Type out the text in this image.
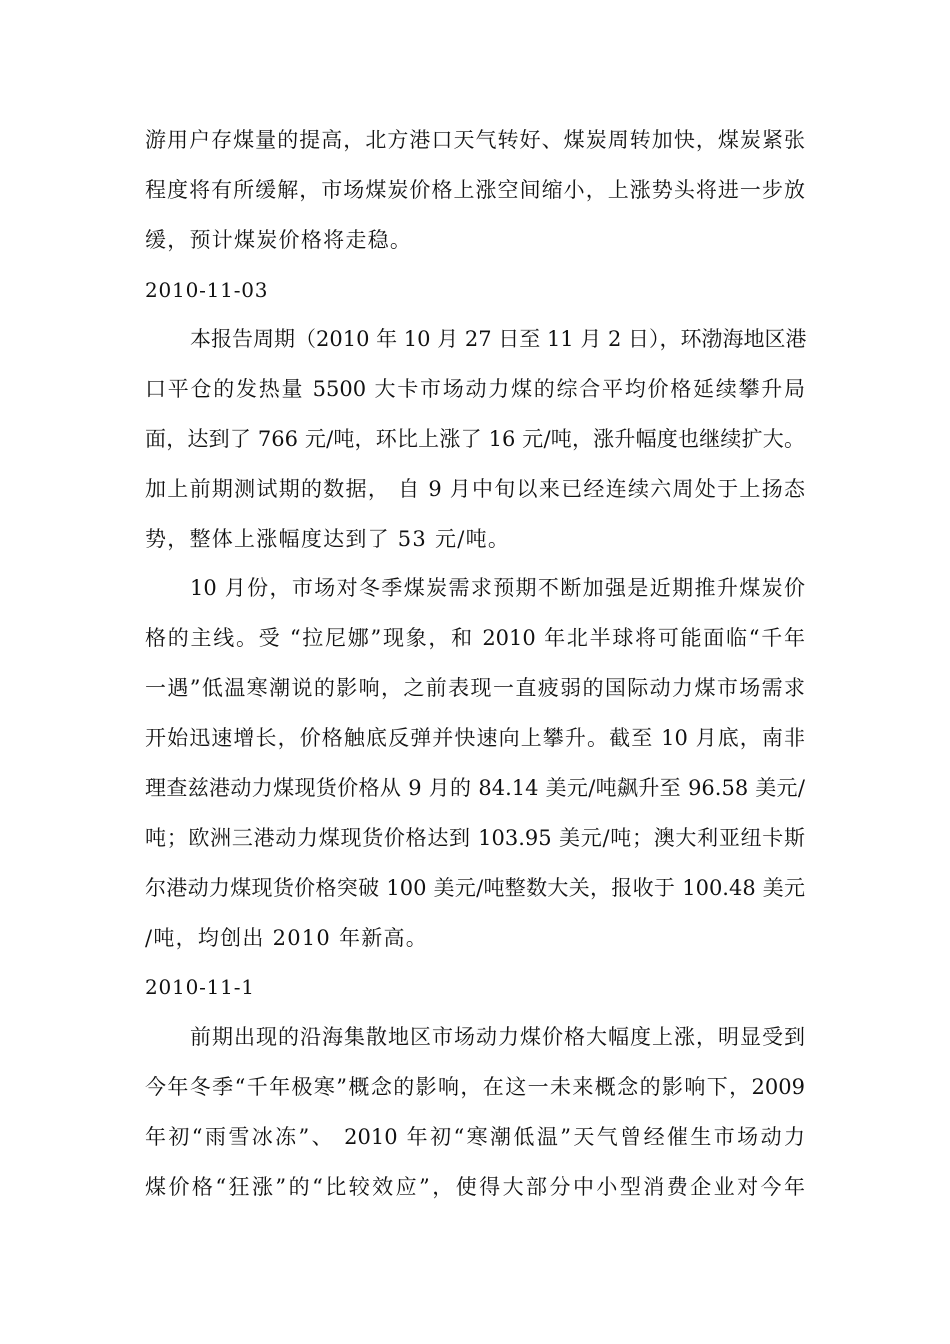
游用户存煤量的提高，北方港口天气转好、煤炭周转加快，煤炭紧张
程度将有所缓解，市场煤炭价格上涨空间缩小，上涨势头将进一步放
缓，预计煤炭价格将走稳。
2010-11-03
本报告周期（2010 年 10 月 27 日至 11 月 2 日），环渤海地区港
口平仓的发热量 5500 大卡市场动力煤的综合平均价格延续攀升局
面，达到了 766 元/吨，环比上涨了 16 元/吨，涨升幅度也继续扩大。
加上前期测试期的数据， 自 9 月中旬以来已经连续六周处于上扬态
势，整体上涨幅度达到了 53 元/吨。
10 月份，市场对冬季煤炭需求预期不断加强是近期推升煤炭价
格的主线。受 “拉尼娜”现象，和 2010 年北半球将可能面临“千年
一遇”低温寒潮说的影响，之前表现一直疲弱的国际动力煤市场需求
开始迅速增长，价格触底反弹并快速向上攀升。截至 10 月底，南非
理查兹港动力煤现货价格从 9 月的 84.14 美元/吨飙升至 96.58 美元/
吨；欧洲三港动力煤现货价格达到 103.95 美元/吨；澳大利亚纽卡斯
尔港动力煤现货价格突破 100 美元/吨整数大关，报收于 100.48 美元
/吨，均创出 2010 年新高。
2010-11-1
前期出现的沿海集散地区市场动力煤价格大幅度上涨，明显受到
今年冬季“千年极寒”概念的影响，在这一未来概念的影响下，2009
年初“雨雪冰冻”、 2010 年初“寒潮低温”天气曾经催生市场动力
煤价格“狂涨”的“比较效应”，使得大部分中小型消费企业对今年
